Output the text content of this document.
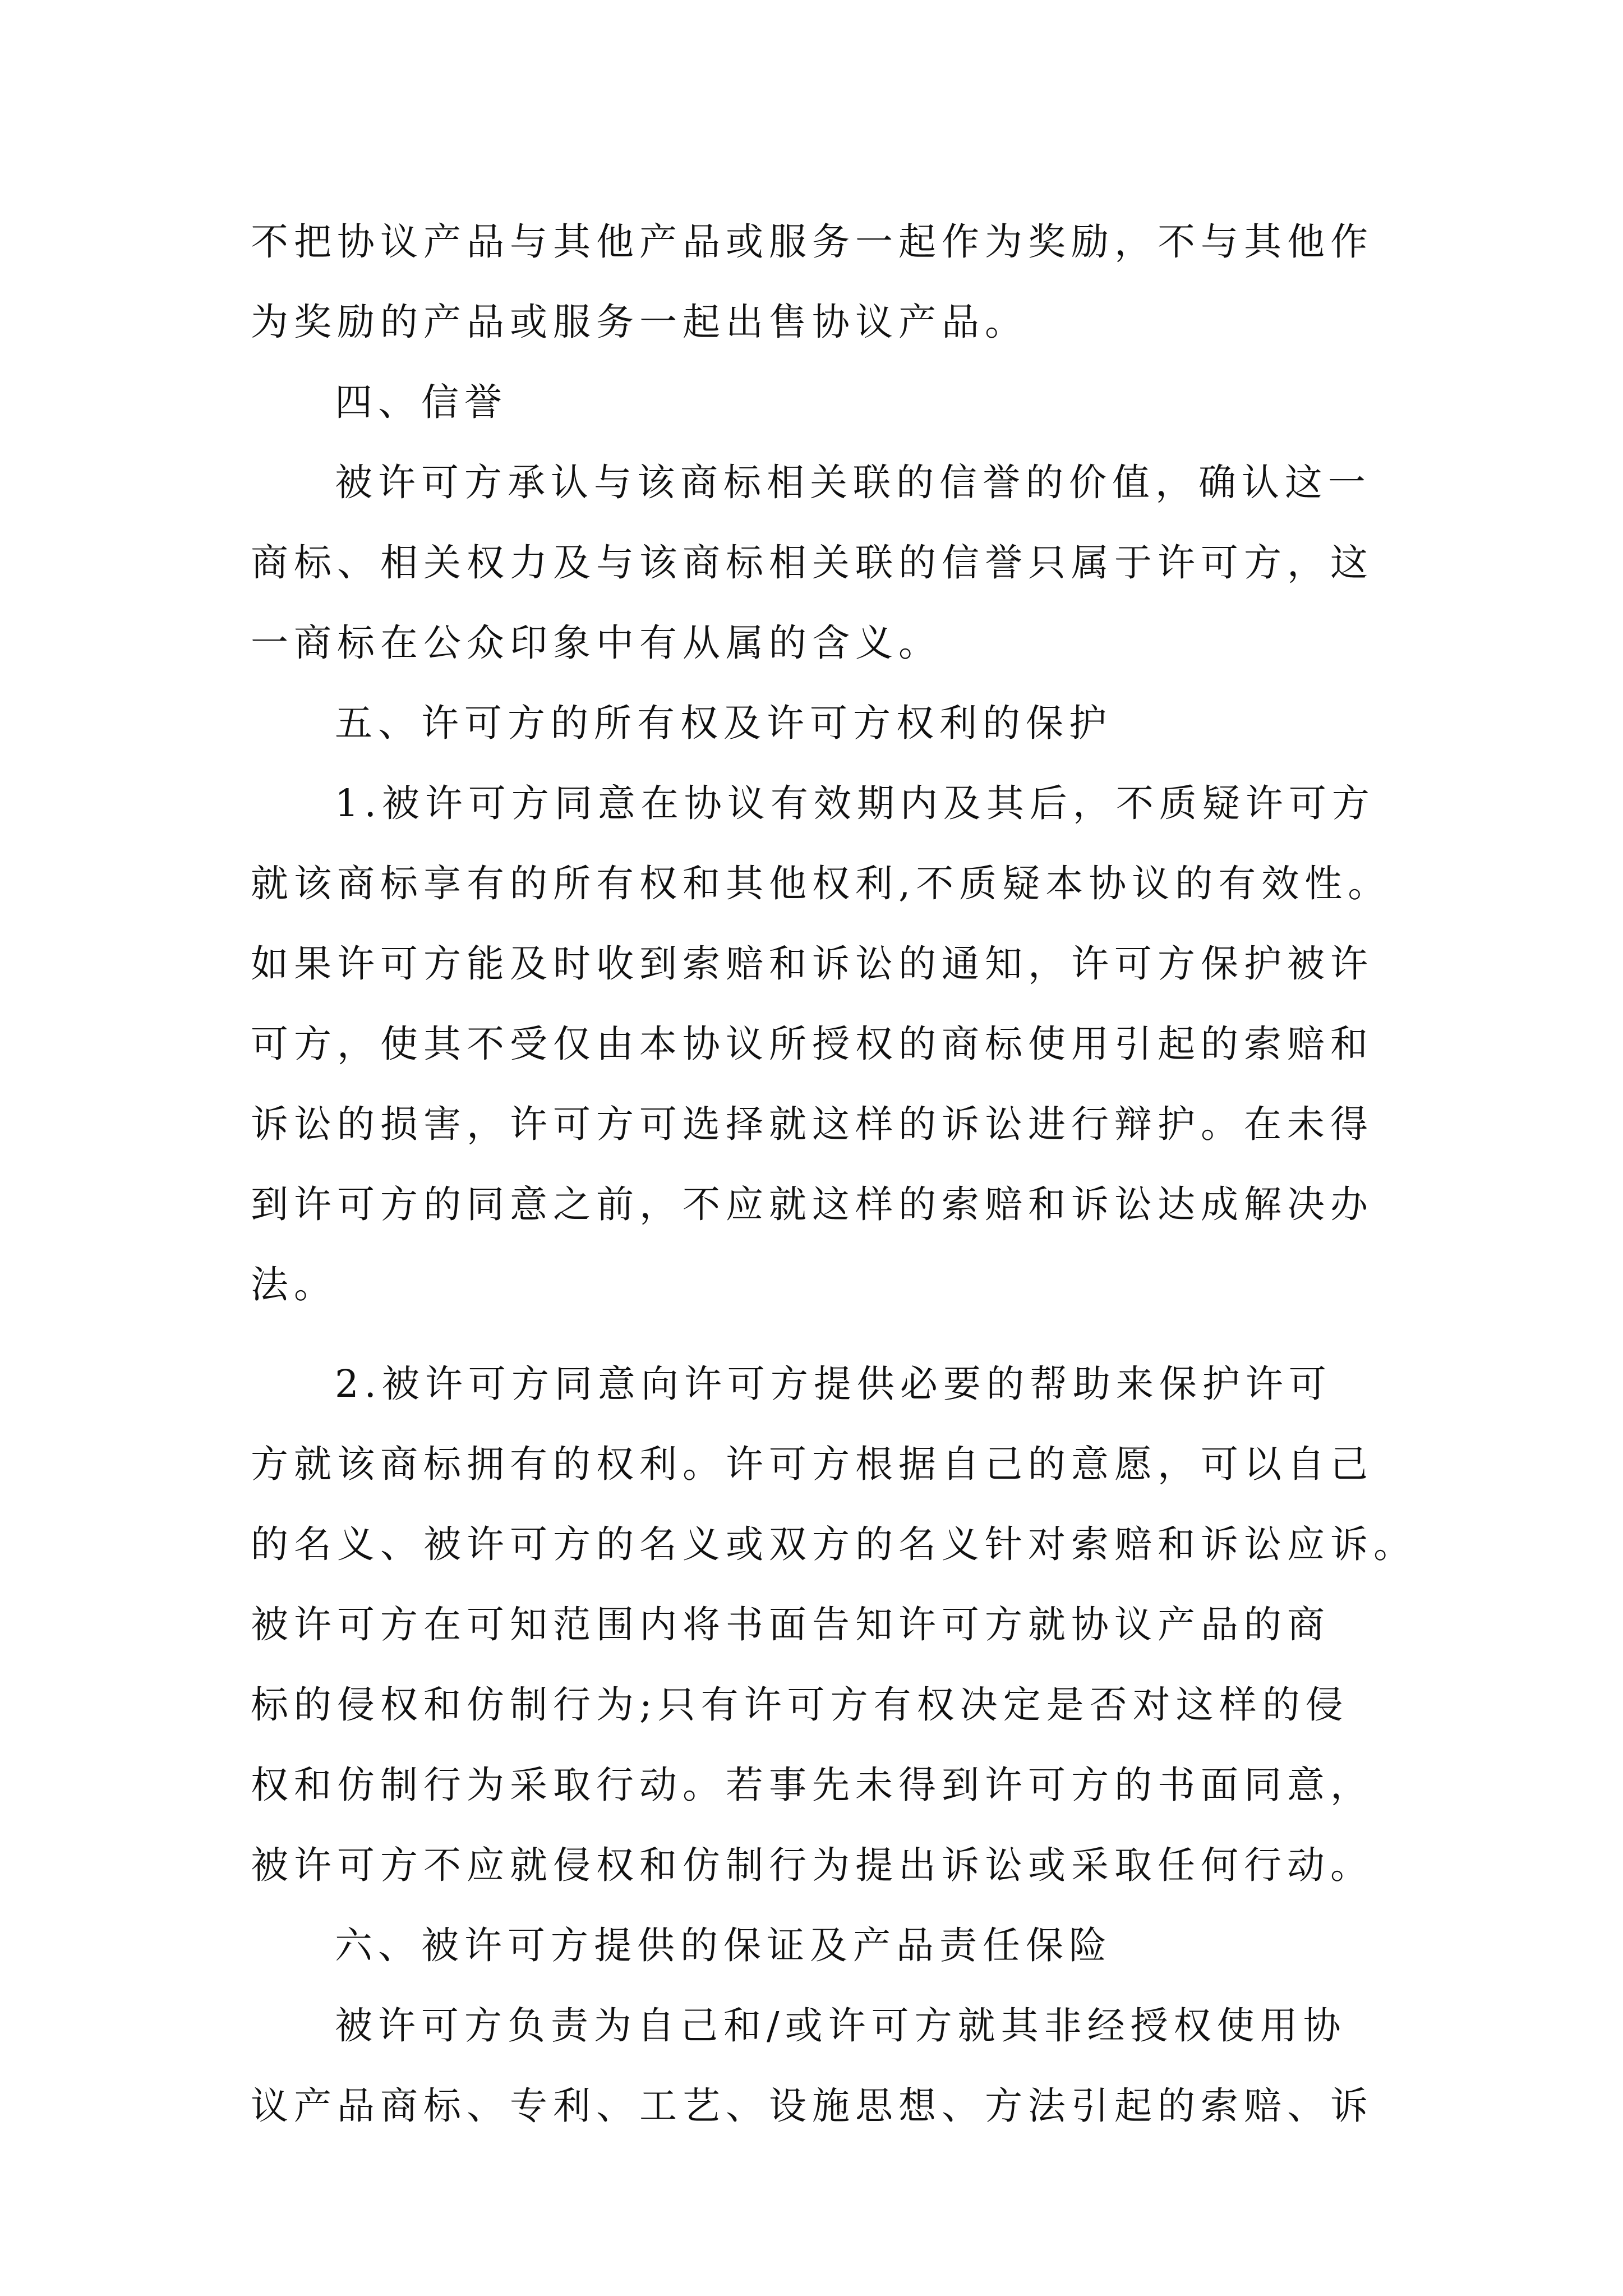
不把协议产品与其他产品或服务一起作为奖励，不与其他作
为奖励的产品或服务一起出售协议产品。
四、信誉
被许可方承认与该商标相关联的信誉的价值，确认这一
商标、相关权力及与该商标相关联的信誉只属于许可方，这
一商标在公众印象中有从属的含义。
五、许可方的所有权及许可方权利的保护
1.被许可方同意在协议有效期内及其后，不质疑许可方
就该商标享有的所有权和其他权利,不质疑本协议的有效性。
如果许可方能及时收到索赔和诉讼的通知，许可方保护被许
可方，使其不受仅由本协议所授权的商标使用引起的索赔和
诉讼的损害，许可方可选择就这样的诉讼进行辩护。在未得
到许可方的同意之前，不应就这样的索赔和诉讼达成解决办
法。
2.被许可方同意向许可方提供必要的帮助来保护许可
方就该商标拥有的权利。许可方根据自己的意愿，可以自己
的名义、被许可方的名义或双方的名义针对索赔和诉讼应诉。
被许可方在可知范围内将书面告知许可方就协议产品的商
标的侵权和仿制行为;只有许可方有权决定是否对这样的侵
权和仿制行为采取行动。若事先未得到许可方的书面同意，
被许可方不应就侵权和仿制行为提出诉讼或采取任何行动。
六、被许可方提供的保证及产品责任保险
被许可方负责为自己和/或许可方就其非经授权使用协
议产品商标、专利、工艺、设施思想、方法引起的索赔、诉
